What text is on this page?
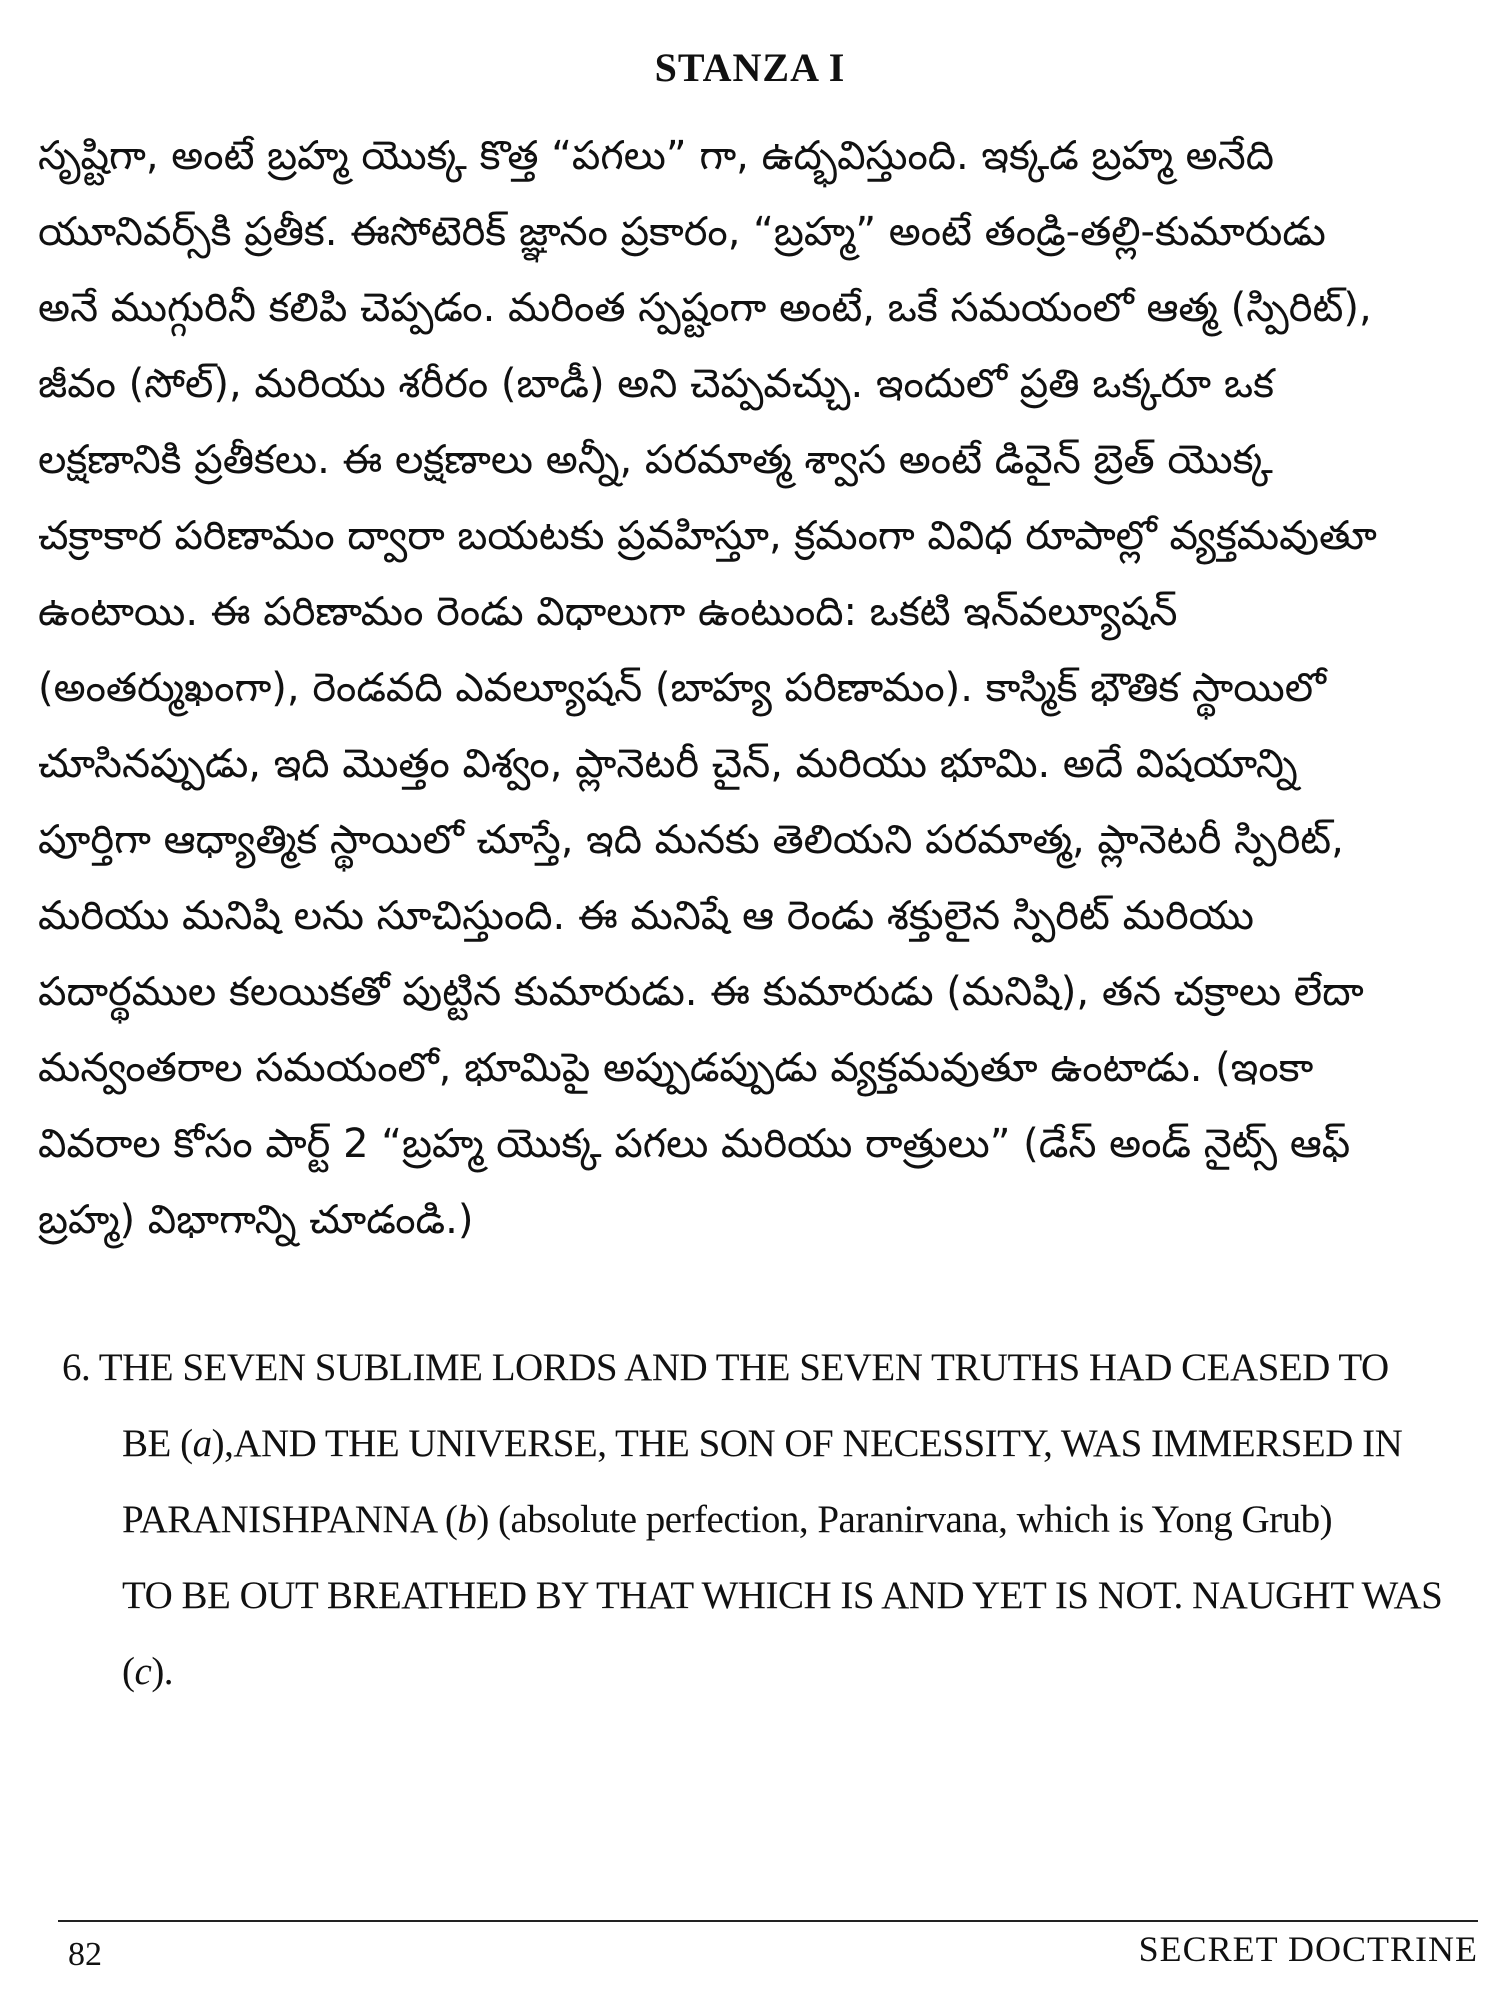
STANZA I
సృష్టిగా, అంటే బ్రహ్మ యొక్క కొత్త “పగలు” గా, ఉద్భవిస్తుంది. ఇక్కడ బ్రహ్మ అనేది
యూనివర్స్‌కి ప్రతీక. ఈసోటెరిక్ జ్ఞానం ప్రకారం, “బ్రహ్మ” అంటే తండ్రి-తల్లి-కుమారుడు
అనే ముగ్గురినీ కలిపి చెప్పడం. మరింత స్పష్టంగా అంటే, ఒకే సమయంలో ఆత్మ (స్పిరిట్),
జీవం (సోల్), మరియు శరీరం (బాడీ) అని చెప్పవచ్చు. ఇందులో ప్రతి ఒక్కరూ ఒక
లక్షణానికి ప్రతీకలు. ఈ లక్షణాలు అన్నీ, పరమాత్మ శ్వాస అంటే డివైన్ బ్రెత్ యొక్క
చక్రాకార పరిణామం ద్వారా బయటకు ప్రవహిస్తూ, క్రమంగా వివిధ రూపాల్లో వ్యక్తమవుతూ
ఉంటాయి. ఈ పరిణామం రెండు విధాలుగా ఉంటుంది: ఒకటి ఇన్‌వల్యూషన్
(అంతర్ముఖంగా), రెండవది ఎవల్యూషన్ (బాహ్య పరిణామం). కాస్మిక్ భౌతిక స్థాయిలో
చూసినప్పుడు, ఇది మొత్తం విశ్వం, ప్లానెటరీ చైన్, మరియు భూమి. అదే విషయాన్ని
పూర్తిగా ఆధ్యాత్మిక స్థాయిలో చూస్తే, ఇది మనకు తెలియని పరమాత్మ, ప్లానెటరీ స్పిరిట్,
మరియు మనిషి లను సూచిస్తుంది. ఈ మనిషే ఆ రెండు శక్తులైన స్పిరిట్ మరియు
పదార్థముల కలయికతో పుట్టిన కుమారుడు. ఈ కుమారుడు (మనిషి), తన చక్రాలు లేదా
మన్వంతరాల సమయంలో, భూమిపై అప్పుడప్పుడు వ్యక్తమవుతూ ఉంటాడు. (ఇంకా
వివరాల కోసం పార్ట్ 2 “బ్రహ్మ యొక్క పగలు మరియు రాత్రులు” (డేస్ అండ్ నైట్స్ ఆఫ్
బ్రహ్మ) విభాగాన్ని చూడండి.)
6. THE SEVEN SUBLIME LORDS AND THE SEVEN TRUTHS HAD CEASED TO
BE (a),AND THE UNIVERSE, THE SON OF NECESSITY, WAS IMMERSED IN
PARANISHPANNA (b) (absolute perfection, Paranirvana, which is Yong Grub)
TO BE OUT BREATHED BY THAT WHICH IS AND YET IS NOT. NAUGHT WAS
(c).
82	SECRET DOCTRINE
